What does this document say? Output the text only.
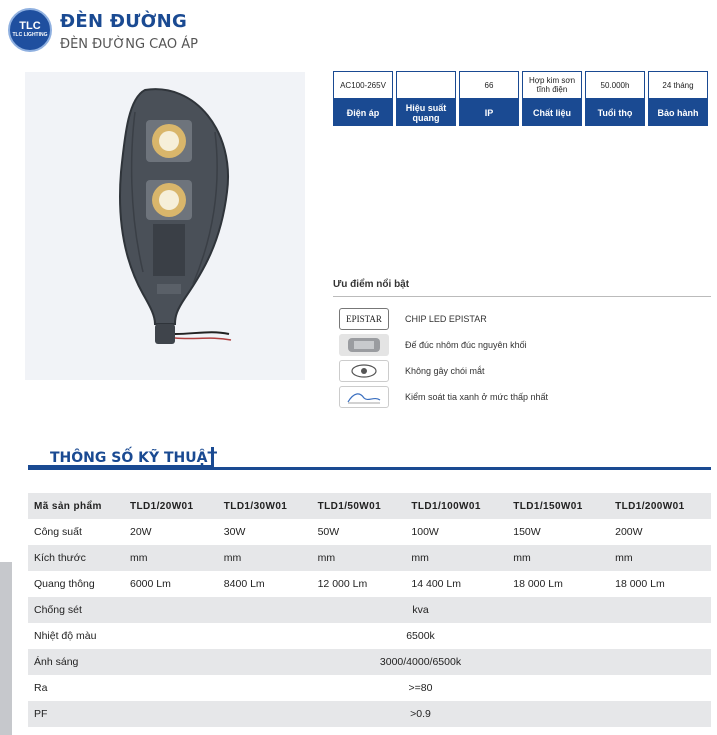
TLC
TLC LIGHTING
ĐÈN ĐƯỜNG
ĐÈN ĐƯỜNG CAO ÁP
AC100-265V
Điện áp	Hiệu suất quang
66
IP
Hợp kim sơn tĩnh điện
Chất liệu
50.000h
Tuổi thọ
24 tháng
Bảo hành
Ưu điểm nổi bật
EPISTAR	CHIP LED EPISTAR
Đế đúc nhôm đúc nguyên khối
Không gây chói mắt
Kiểm soát tia xanh ở mức thấp nhất
THÔNG SỐ KỸ THUẬT
Mã sản phẩm	TLD1/20W01	TLD1/30W01	TLD1/50W01	TLD1/100W01	TLD1/150W01	TLD1/200W01
Công suất	20W	30W	50W	100W	150W	200W
Kích thước	mm	mm	mm	mm	mm	mm
Quang thông	6000 Lm	8400 Lm	12 000 Lm	14 400 Lm	18 000 Lm	18 000 Lm
Chống sét	kva					
Nhiệt độ màu	6500k					
Ánh sáng	3000/4000/6500k					
Ra	>=80					
PF	>0.9					
